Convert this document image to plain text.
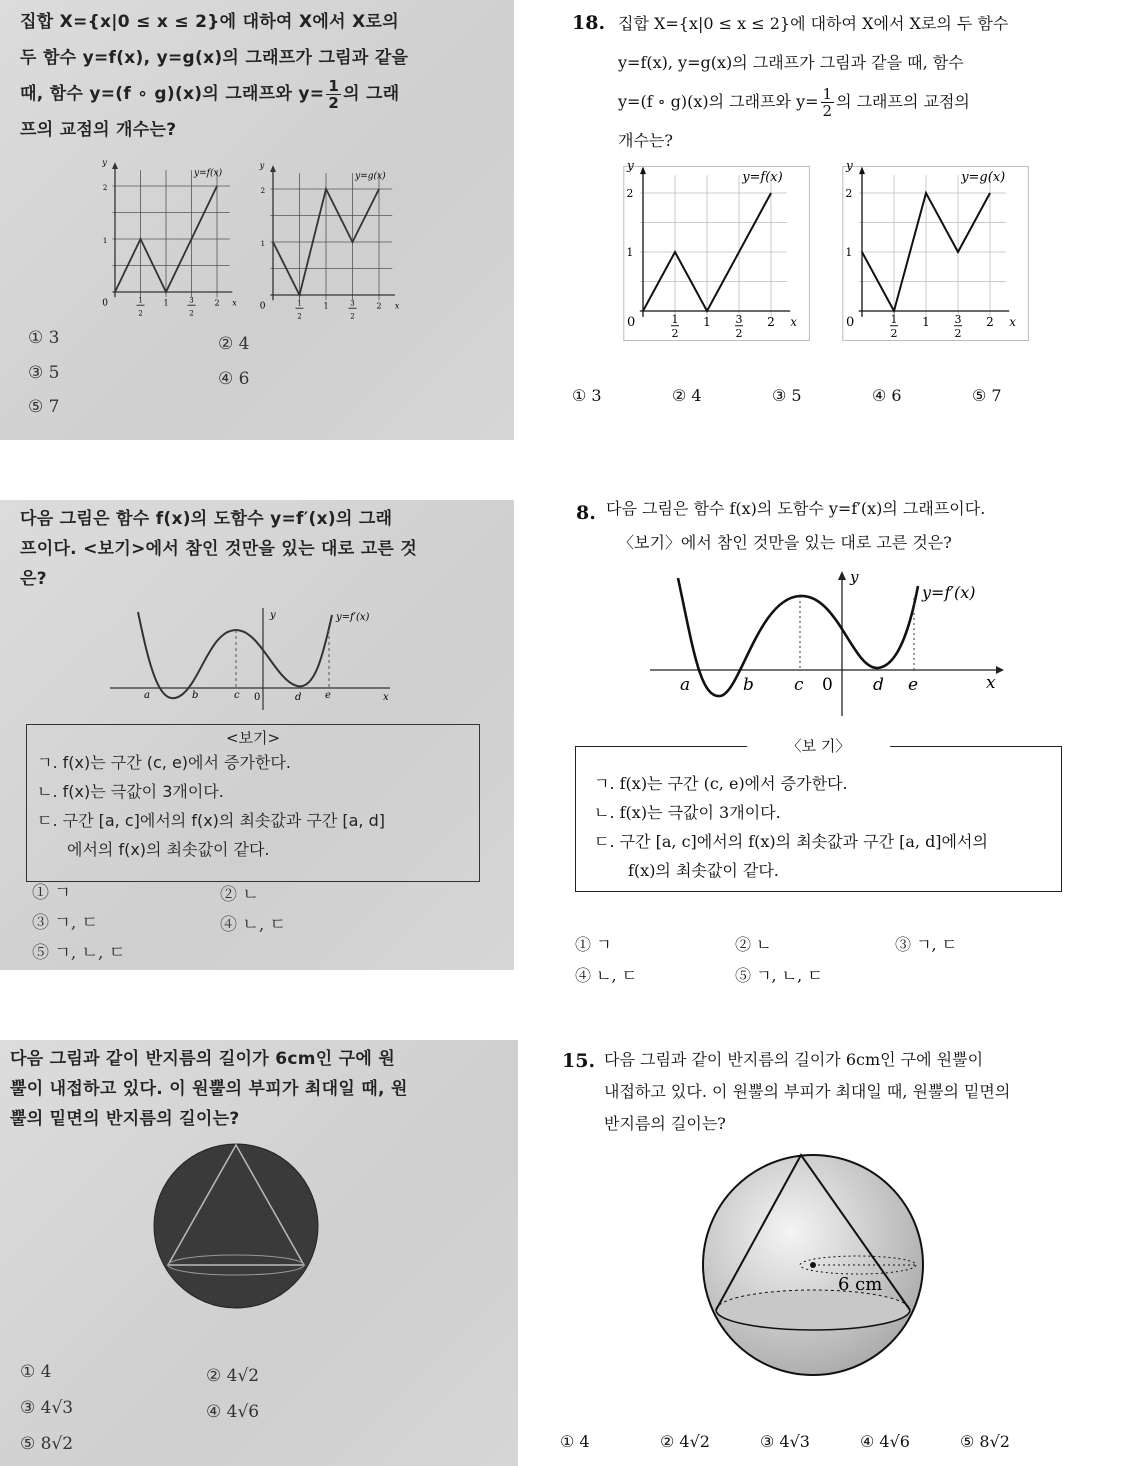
집합 X={x|0 ≤ x ≤ 2}에 대하여 X에서 X로의
두 함수 y=f(x), y=g(x)의 그래프가 그림과 같을
때, 함수 y=(f ∘ g)(x)의 그래프와 $y= \frac{1}{2}$ 의 그래
프의 교점의 개수는?
0
1
2
1	2
1
2
3
2
x
y
y=f(x)
0
1
2
1	2
1
2
3
2
x
y
y=g(x)
① 3	② 4
③ 5	④ 6
⑤ 7
18. 집합 X={x|0 ≤ x ≤ 2}에 대하여 X에서 X로의 두 함수
y=f(x), y=g(x)의 그래프가 그림과 같을 때, 함수
y=(f ∘ g)(x)의 그래프와 $y= \frac{1}{2}$ 의 그래프의 교점의
개수는?
0
1
2
1	2
1
2
3
2
x
y
y=f(x)
0
1
2
1	2
1
2
3
2
x
y
y=g(x)
① 3	② 4	③ 5	④ 6	⑤ 7
다음 그림은 함수 f(x)의 도함수 y=f′(x)의 그래
프이다. <보기>에서 참인 것만을 있는 대로 고른 것
은?
a	b	c 0	d e	x
y	y=f′(x)
<보기>
ㄱ. f(x)는 구간 (c, e)에서 증가한다.
ㄴ. f(x)는 극값이 3개이다.
ㄷ. 구간 [a, c]에서의 f(x)의 최솟값과 구간 [a, d]
에서의 f(x)의 최솟값이 같다.
① ㄱ	② ㄴ
③ ㄱ, ㄷ	④ ㄴ, ㄷ
⑤ ㄱ, ㄴ, ㄷ
8. 다음 그림은 함수 f(x)의 도함수 y=f′(x)의 그래프이다.
〈보기〉에서 참인 것만을 있는 대로 고른 것은?
a	b c 0 d e	x
y
y=f′(x)
〈보 기〉
ㄱ. f(x)는 구간 (c, e)에서 증가한다.
ㄴ. f(x)는 극값이 3개이다.
ㄷ. 구간 [a, c]에서의 f(x)의 최솟값과 구간 [a, d]에서의
f(x)의 최솟값이 같다.
① ㄱ	② ㄴ	③ ㄱ, ㄷ
④ ㄴ, ㄷ	⑤ ㄱ, ㄴ, ㄷ
다음 그림과 같이 반지름의 길이가 6cm인 구에 원
뿔이 내접하고 있다. 이 원뿔의 부피가 최대일 때, 원
뿔의 밑면의 반지름의 길이는?
① 4	② 4√2
③ 4√3	④ 4√6
⑤ 8√2
15. 다음 그림과 같이 반지름의 길이가 6cm인 구에 원뿔이
내접하고 있다. 이 원뿔의 부피가 최대일 때, 원뿔의 밑면의
반지름의 길이는?
6 cm
① 4	② 4√2	③ 4√3	④ 4√6	⑤ 8√2
